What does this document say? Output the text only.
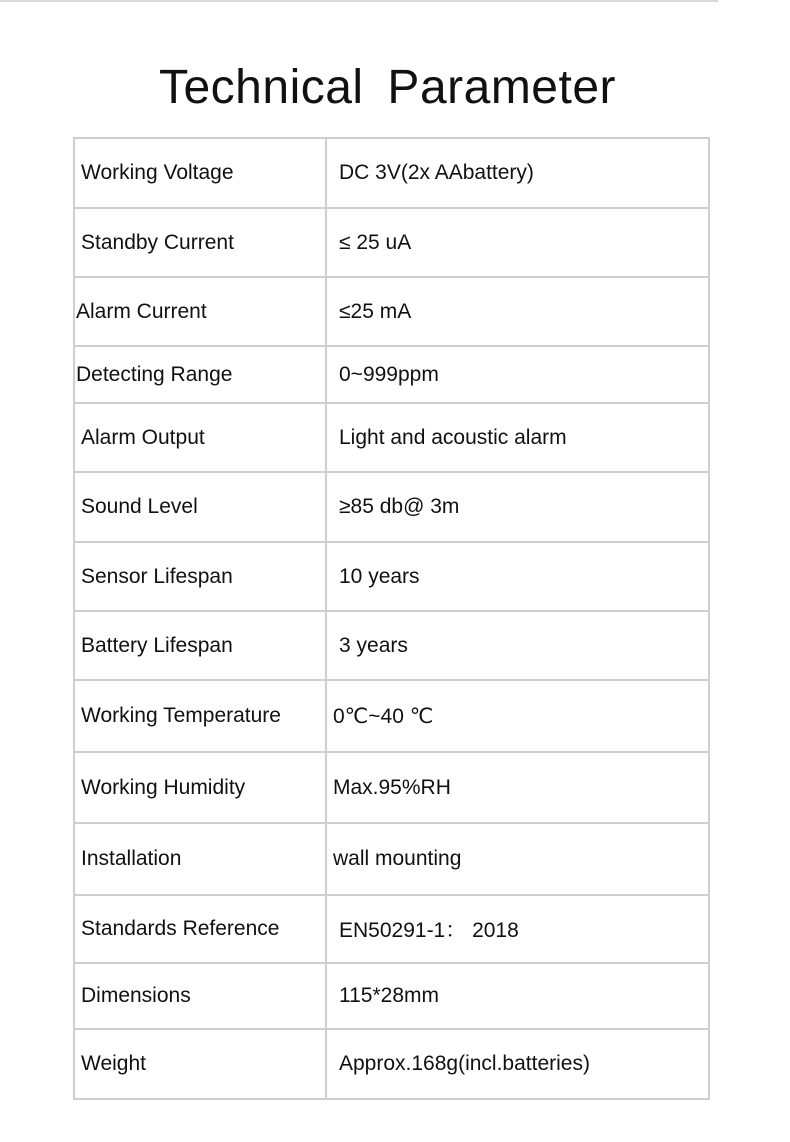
Technical Parameter
Working Voltage	DC 3V(2x AAbattery)
Standby Current	≤ 25 uA
Alarm Current	≤25 mA
Detecting Range	0~999ppm
Alarm Output	Light and acoustic alarm
Sound Level	≥85 db@ 3m
Sensor Lifespan	10 years
Battery Lifespan	3 years
Working Temperature	0℃~40 ℃
Working Humidity	Max.95%RH
Installation	wall mounting
Standards Reference	EN50291-1： 2018
Dimensions	115*28mm
Weight	Approx.168g(incl.batteries)
